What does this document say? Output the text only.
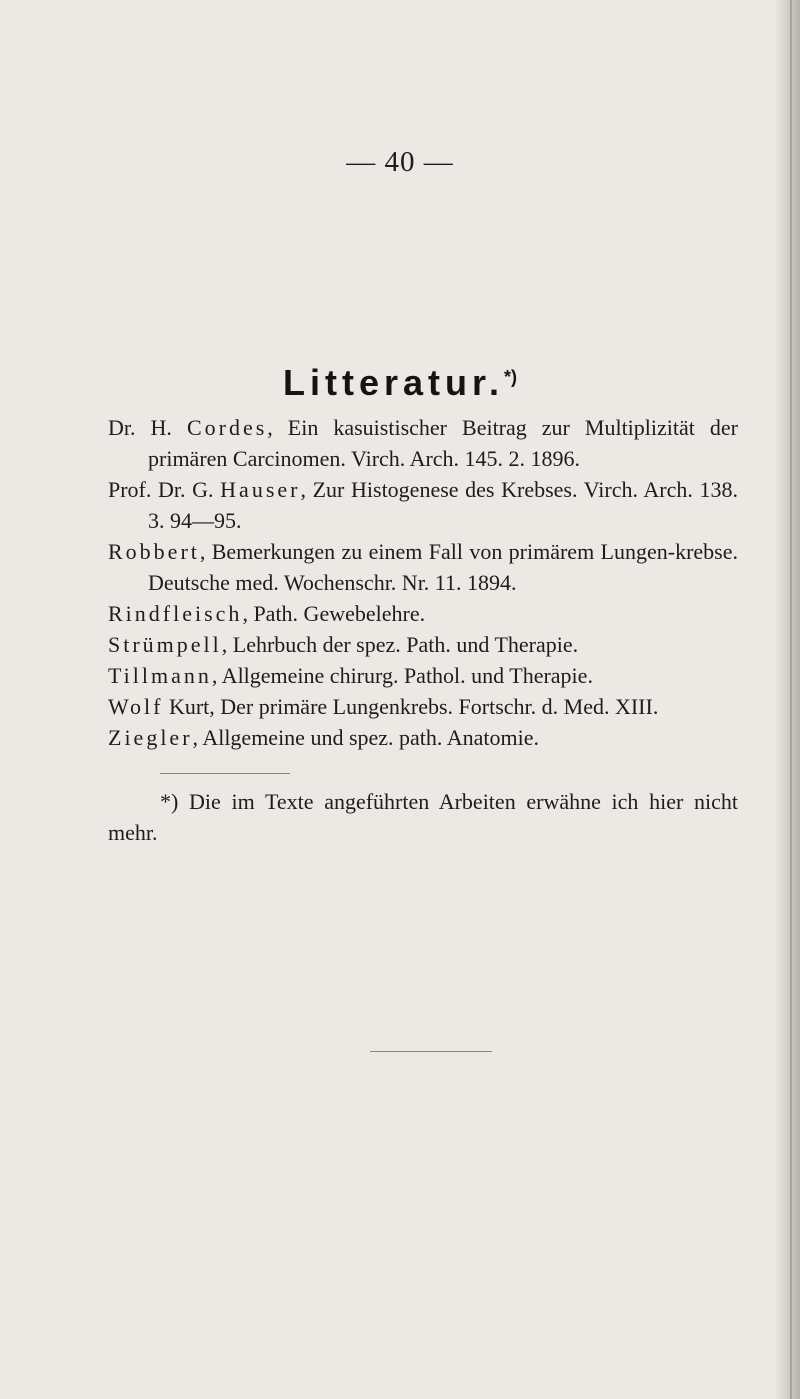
— 40 —
Litteratur.*)

Dr. H. Cordes, Ein kasuistischer Beitrag zur Multiplizität der primären Carcinomen. Virch. Arch. 145. 2. 1896.

Prof. Dr. G. Hauser, Zur Histogenese des Krebses. Virch. Arch. 138. 3. 94—95.

Robbert, Bemerkungen zu einem Fall von primärem Lungen-krebse. Deutsche med. Wochenschr. Nr. 11. 1894.

Rindfleisch, Path. Gewebelehre.

Strümpell, Lehrbuch der spez. Path. und Therapie.

Tillmann, Allgemeine chirurg. Pathol. und Therapie.

Wolf Kurt, Der primäre Lungenkrebs. Fortschr. d. Med. XIII.

Ziegler, Allgemeine und spez. path. Anatomie.

*) Die im Texte angeführten Arbeiten erwähne ich hier nicht mehr.
